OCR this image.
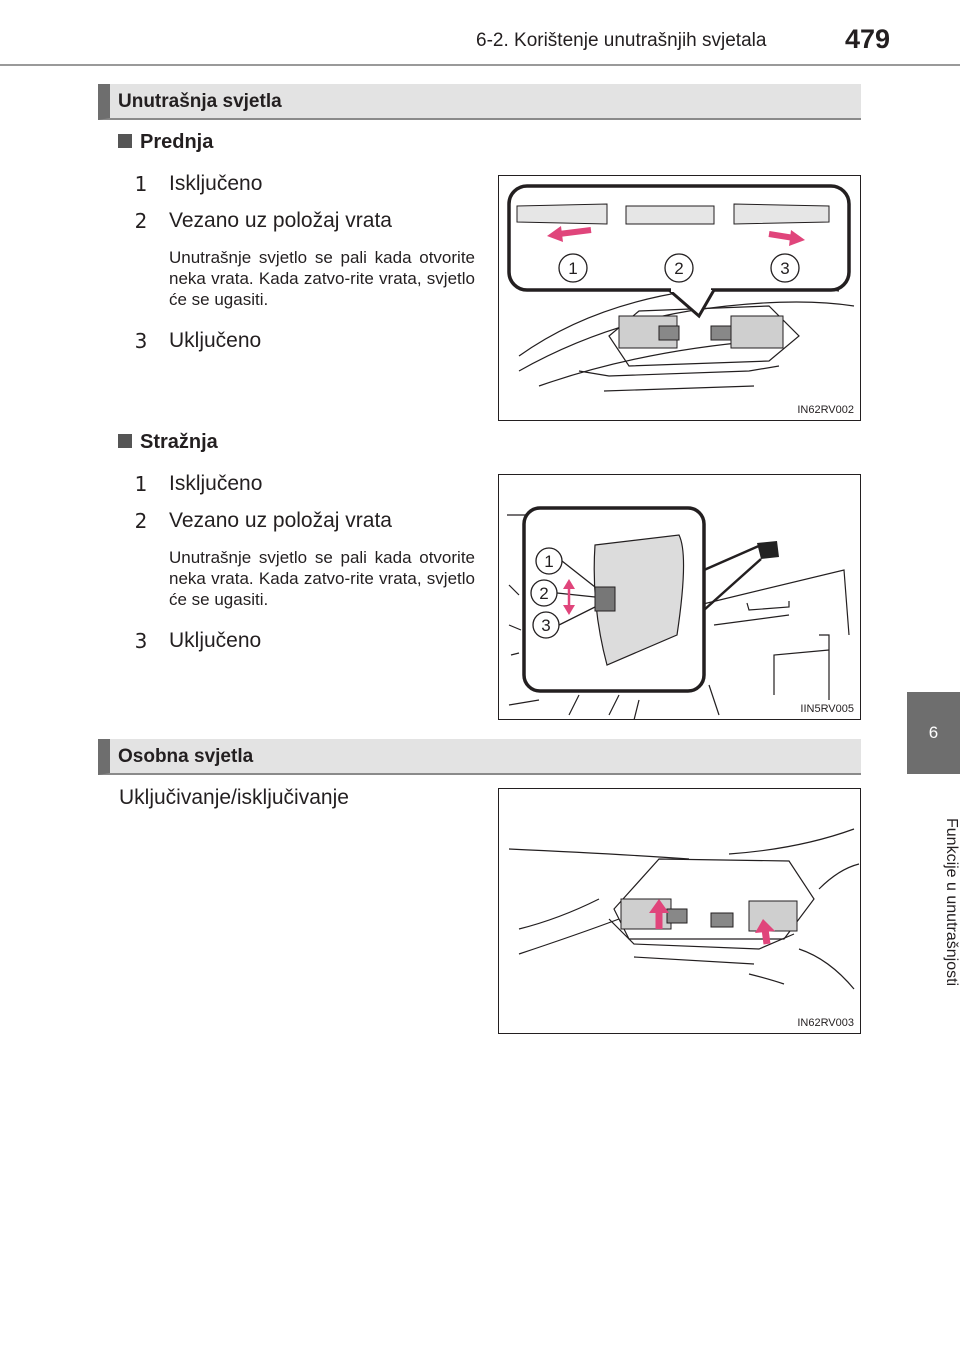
6-2. Korištenje unutrašnjih svjetala	479
6
Funkcije u unutrašnjosti
Unutrašnja svjetla
Prednja
1 Isključeno
2 Vezano uz položaj vrata
Unutrašnje svjetlo se pali kada otvorite neka vrata. Kada zatvo-rite vrata, svjetlo će se ugasiti.
3 Uključeno
1	2	3
IN62RV002
Stražnja
1 Isključeno
2 Vezano uz položaj vrata
Unutrašnje svjetlo se pali kada otvorite neka vrata. Kada zatvo-rite vrata, svjetlo će se ugasiti.
3 Uključeno
1
2
3
IIN5RV005
Osobna svjetla
Uključivanje/isključivanje
IN62RV003
